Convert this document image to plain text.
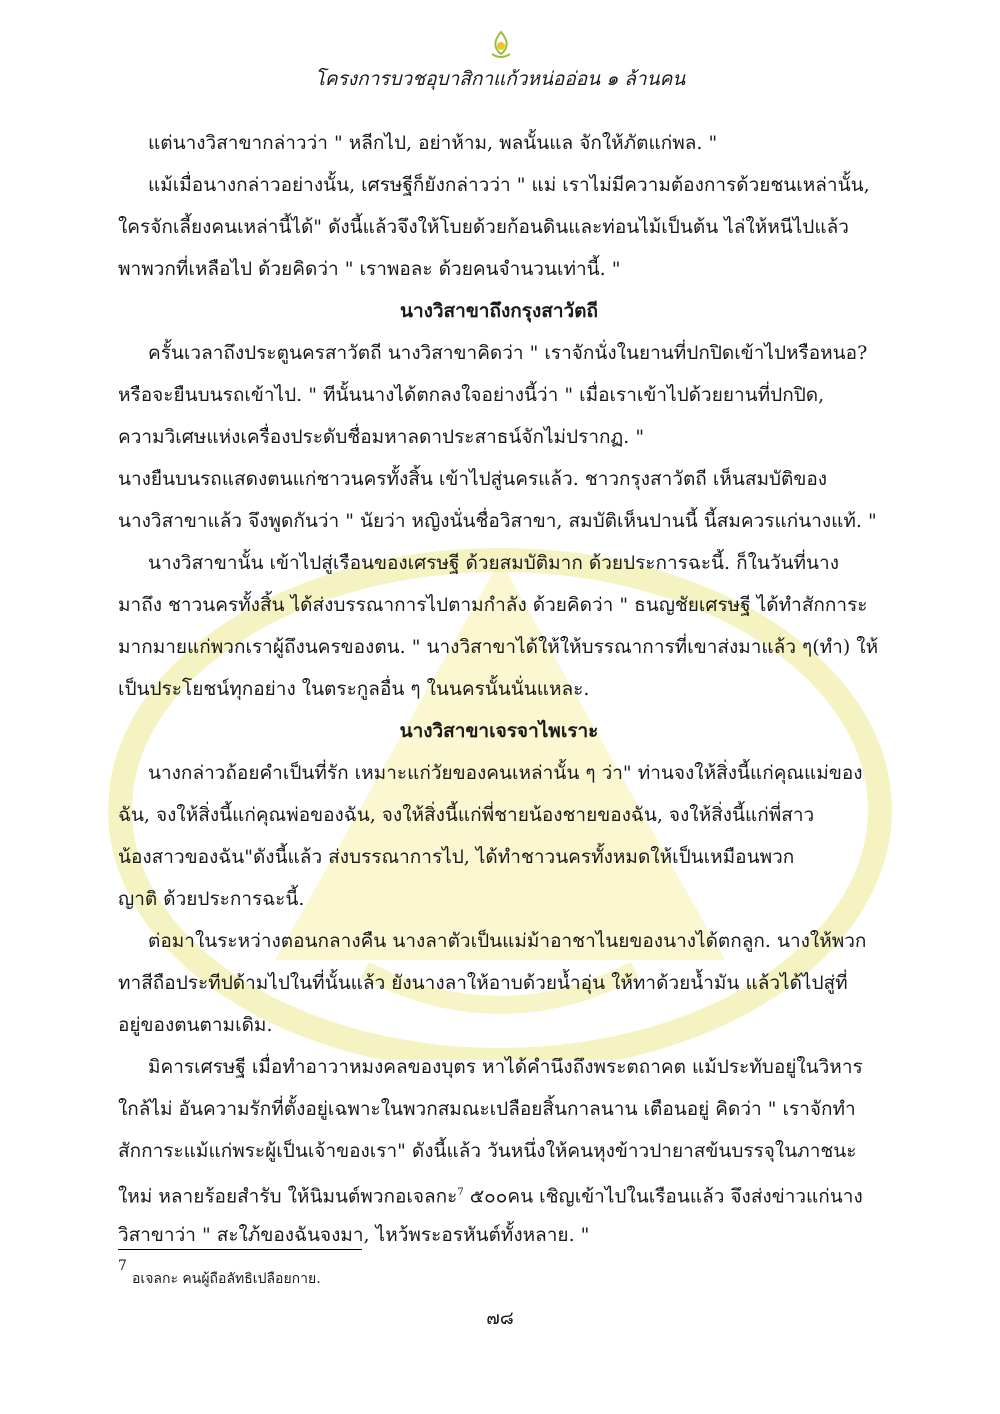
โครงการบวชอุบาสิกาแก้วหน่ออ่อน ๑ ล้านคน
แต่นางวิสาขากล่าวว่า " หลีกไป, อย่าห้าม, พลนั้นแล จักให้ภัตแก่พล. "
แม้เมื่อนางกล่าวอย่างนั้น, เศรษฐีก็ยังกล่าวว่า " แม่ เราไม่มีความต้องการด้วยชนเหล่านั้น,
ใครจักเลี้ยงคนเหล่านี้ได้" ดังนี้แล้วจึงให้โบยด้วยก้อนดินและท่อนไม้เป็นต้น ไล่ให้หนีไปแล้ว
พาพวกที่เหลือไป ด้วยคิดว่า " เราพอละ ด้วยคนจำนวนเท่านี้. "
นางวิสาขาถึงกรุงสาวัตถี
ครั้นเวลาถึงประตูนครสาวัตถี นางวิสาขาคิดว่า " เราจักนั่งในยานที่ปกปิดเข้าไปหรือหนอ?
หรือจะยืนบนรถเข้าไป. " ทีนั้นนางได้ตกลงใจอย่างนี้ว่า " เมื่อเราเข้าไปด้วยยานที่ปกปิด,
ความวิเศษแห่งเครื่องประดับชื่อมหาลดาประสาธน์จักไม่ปรากฏ. "
นางยืนบนรถแสดงตนแก่ชาวนครทั้งสิ้น เข้าไปสู่นครแล้ว. ชาวกรุงสาวัตถี เห็นสมบัติของ
นางวิสาขาแล้ว จึงพูดกันว่า " นัยว่า หญิงนั่นชื่อวิสาขา, สมบัติเห็นปานนี้ นี้สมควรแก่นางแท้. "
นางวิสาขานั้น เข้าไปสู่เรือนของเศรษฐี ด้วยสมบัติมาก ด้วยประการฉะนี้. ก็ในวันที่นาง
มาถึง ชาวนครทั้งสิ้น ได้ส่งบรรณาการไปตามกำลัง ด้วยคิดว่า " ธนญชัยเศรษฐี ได้ทำสักการะ
มากมายแก่พวกเราผู้ถึงนครของตน. " นางวิสาขาได้ให้ให้บรรณาการที่เขาส่งมาแล้ว ๆ(ทำ) ให้
เป็นประโยชน์ทุกอย่าง ในตระกูลอื่น ๆ ในนครนั้นนั่นแหละ.
นางวิสาขาเจรจาไพเราะ
นางกล่าวถ้อยคำเป็นที่รัก เหมาะแก่วัยของคนเหล่านั้น ๆ ว่า" ท่านจงให้สิ่งนี้แก่คุณแม่ของ
ฉัน, จงให้สิ่งนี้แก่คุณพ่อของฉัน, จงให้สิ่งนี้แก่พี่ชายน้องชายของฉัน, จงให้สิ่งนี้แก่พี่สาว
น้องสาวของฉัน"ดังนี้แล้ว ส่งบรรณาการไป, ได้ทำชาวนครทั้งหมดให้เป็นเหมือนพวก
ญาติ ด้วยประการฉะนี้.
ต่อมาในระหว่างตอนกลางคืน นางลาตัวเป็นแม่ม้าอาชาไนยของนางได้ตกลูก. นางให้พวก
ทาสีถือประทีปด้ามไปในที่นั้นแล้ว ยังนางลาให้อาบด้วยน้ำอุ่น ให้ทาด้วยน้ำมัน แล้วได้ไปสู่ที่
อยู่ของตนตามเดิม.
มิคารเศรษฐี เมื่อทำอาวาหมงคลของบุตร หาได้คำนึงถึงพระตถาคต แม้ประทับอยู่ในวิหาร
ใกล้ไม่ อันความรักที่ตั้งอยู่เฉพาะในพวกสมณะเปลือยสิ้นกาลนาน เตือนอยู่ คิดว่า " เราจักทำ
สักการะแม้แก่พระผู้เป็นเจ้าของเรา" ดังนี้แล้ว วันหนึ่งให้คนหุงข้าวปายาสข้นบรรจุในภาชนะ
ใหม่ หลายร้อยสำรับ ให้นิมนต์พวกอเจลกะ$^7$ ๕๐๐คน เชิญเข้าไปในเรือนแล้ว จึงส่งข่าวแก่นาง
วิสาขาว่า " สะใภ้ของฉันจงมา, ไหว้พระอรหันต์ทั้งหลาย. "
7
อเจลกะ คนผู้ถือลัทธิเปลือยกาย.
๗๘
